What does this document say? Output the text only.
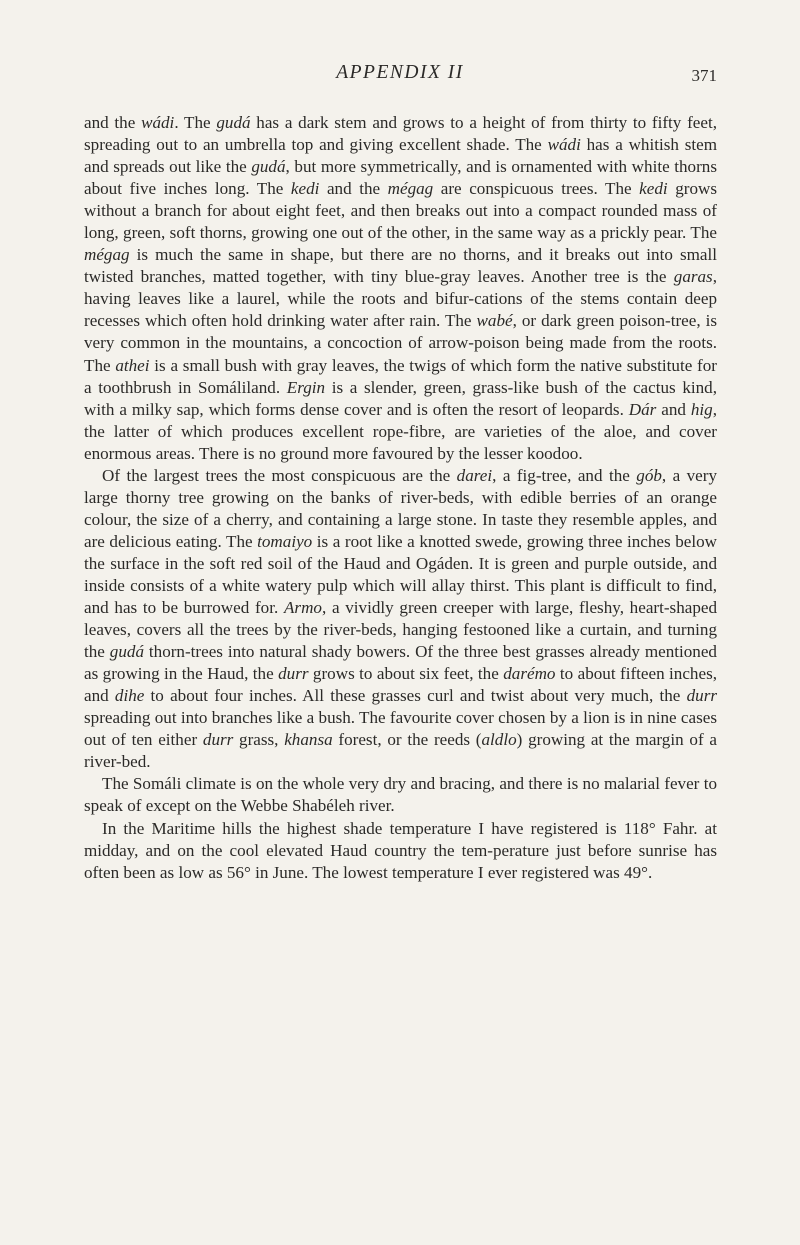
APPENDIX II	371

and the wádi. The gudá has a dark stem and grows to a height of from thirty to fifty feet, spreading out to an umbrella top and giving excellent shade. The wádi has a whitish stem and spreads out like the gudá, but more symmetrically, and is ornamented with white thorns about five inches long. The kedi and the mégag are conspicuous trees. The kedi grows without a branch for about eight feet, and then breaks out into a compact rounded mass of long, green, soft thorns, growing one out of the other, in the same way as a prickly pear. The mégag is much the same in shape, but there are no thorns, and it breaks out into small twisted branches, matted together, with tiny blue-gray leaves. Another tree is the garas, having leaves like a laurel, while the roots and bifur-cations of the stems contain deep recesses which often hold drinking water after rain. The wabé, or dark green poison-tree, is very common in the mountains, a concoction of arrow-poison being made from the roots. The athei is a small bush with gray leaves, the twigs of which form the native substitute for a toothbrush in Somáliland. Ergin is a slender, green, grass-like bush of the cactus kind, with a milky sap, which forms dense cover and is often the resort of leopards. Dár and hig, the latter of which produces excellent rope-fibre, are varieties of the aloe, and cover enormous areas. There is no ground more favoured by the lesser koodoo.

Of the largest trees the most conspicuous are the darei, a fig-tree, and the gób, a very large thorny tree growing on the banks of river-beds, with edible berries of an orange colour, the size of a cherry, and containing a large stone. In taste they resemble apples, and are delicious eating. The tomaiyo is a root like a knotted swede, growing three inches below the surface in the soft red soil of the Haud and Ogáden. It is green and purple outside, and inside consists of a white watery pulp which will allay thirst. This plant is difficult to find, and has to be burrowed for. Armo, a vividly green creeper with large, fleshy, heart-shaped leaves, covers all the trees by the river-beds, hanging festooned like a curtain, and turning the gudá thorn-trees into natural shady bowers. Of the three best grasses already mentioned as growing in the Haud, the durr grows to about six feet, the darémo to about fifteen inches, and dihe to about four inches. All these grasses curl and twist about very much, the durr spreading out into branches like a bush. The favourite cover chosen by a lion is in nine cases out of ten either durr grass, khansa forest, or the reeds (aldlo) growing at the margin of a river-bed.

The Somáli climate is on the whole very dry and bracing, and there is no malarial fever to speak of except on the Webbe Shabéleh river.

In the Maritime hills the highest shade temperature I have registered is 118° Fahr. at midday, and on the cool elevated Haud country the tem-perature just before sunrise has often been as low as 56° in June. The lowest temperature I ever registered was 49°.
